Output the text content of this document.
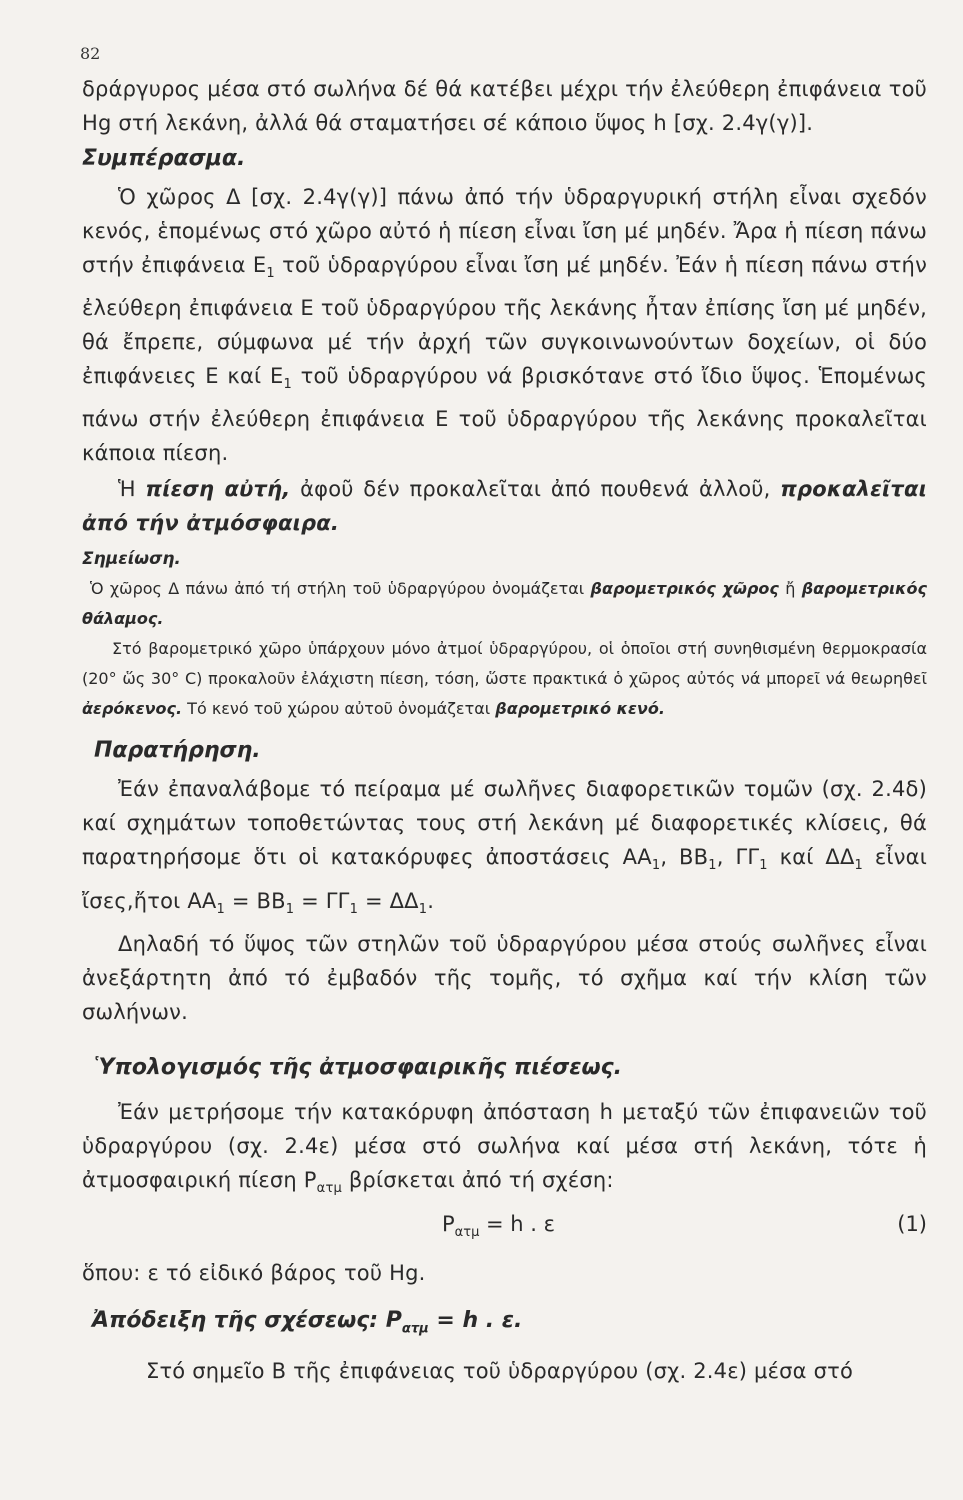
82

δράργυρος μέσα στό σωλήνα δέ θά κατέβει μέχρι τήν ἐλεύθερη ἐπιφάνεια τοῦ Hg στή λεκάνη, ἀλλά θά σταματήσει σέ κάποιο ὕψος h [σχ. 2.4γ(γ)].

Συμπέρασμα.

Ὁ χῶρος Δ [σχ. 2.4γ(γ)] πάνω ἀπό τήν ὑδραργυρική στήλη εἶναι σχεδόν κενός, ἑπομένως στό χῶρο αὐτό ἡ πίεση εἶναι ἴση μέ μηδέν. Ἄρα ἡ πίεση πάνω στήν ἐπιφάνεια $E_1$ τοῦ ὑδραργύρου εἶναι ἴση μέ μηδέν. Ἐάν ἡ πίεση πάνω στήν ἐλεύθερη ἐπιφάνεια Ε τοῦ ὑδραργύρου τῆς λεκάνης ἦταν ἐπίσης ἴση μέ μηδέν, θά ἔπρεπε, σύμφωνα μέ τήν ἀρχή τῶν συγκοινωνούντων δοχείων, οἱ δύο ἐπιφάνειες Ε καί $E_1$ τοῦ ὑδραργύρου νά βρισκότανε στό ἴδιο ὕψος. Ἑπομένως πάνω στήν ἐλεύθερη ἐπιφάνεια Ε τοῦ ὑδραργύρου τῆς λεκάνης προκαλεῖται κάποια πίεση.

Ἡ πίεση αὐτή, ἀφοῦ δέν προκαλεῖται ἀπό πουθενά ἀλλοῦ, προκαλεῖται ἀπό τήν ἀτμόσφαιρα.

Σημείωση.

Ὁ χῶρος Δ πάνω ἀπό τή στήλη τοῦ ὑδραργύρου ὀνομάζεται βαρομετρικός χῶρος ἤ βαρομετρικός θάλαμος.

Στό βαρομετρικό χῶρο ὑπάρχουν μόνο ἀτμοί ὑδραργύρου, οἱ ὁποῖοι στή συνηθισμένη θερμοκρασία (20° ὥς 30° C) προκαλοῦν ἐλάχιστη πίεση, τόση, ὥστε πρακτικά ὁ χῶρος αὐτός νά μπορεῖ νά θεωρηθεῖ ἀερόκενος. Τό κενό τοῦ χώρου αὐτοῦ ὀνομάζεται βαρομετρικό κενό.

Παρατήρηση.

Ἐάν ἐπαναλάβομε τό πείραμα μέ σωλῆνες διαφορετικῶν τομῶν (σχ. 2.4δ) καί σχημάτων τοποθετώντας τους στή λεκάνη μέ διαφορετικές κλίσεις, θά παρατηρήσομε ὅτι οἱ κατακόρυφες ἀποστάσεις $AA_1$, $BB_1$, $\Gamma\Gamma_1$ καί $\Delta\Delta_1$ εἶναι ἴσες,ἤτοι $AA_1 = BB_1 = \Gamma\Gamma_1 = \Delta\Delta_1$.

Δηλαδή τό ὕψος τῶν στηλῶν τοῦ ὑδραργύρου μέσα στούς σωλῆνες εἶναι ἀνεξάρτητη ἀπό τό ἐμβαδόν τῆς τομῆς, τό σχῆμα καί τήν κλίση τῶν σωλήνων.

Ὑπολογισμός τῆς ἀτμοσφαιρικῆς πιέσεως.

Ἐάν μετρήσομε τήν κατακόρυφη ἀπόσταση h μεταξύ τῶν ἐπιφανειῶν τοῦ ὑδραργύρου (σχ. 2.4ε) μέσα στό σωλήνα καί μέσα στή λεκάνη, τότε ἡ ἀτμοσφαιρική πίεση $P_{\alpha\tau\mu}$ βρίσκεται ἀπό τή σχέση:

$P_{\alpha\tau\mu} = h$ . ε	(1)

ὅπου: ε τό εἰδικό βάρος τοῦ Hg.

Ἀπόδειξη τῆς σχέσεως: $P_{\alpha\tau\mu} = h$ . ε.

Στό σημεῖο Β τῆς ἐπιφάνειας τοῦ ὑδραργύρου (σχ. 2.4ε) μέσα στό
